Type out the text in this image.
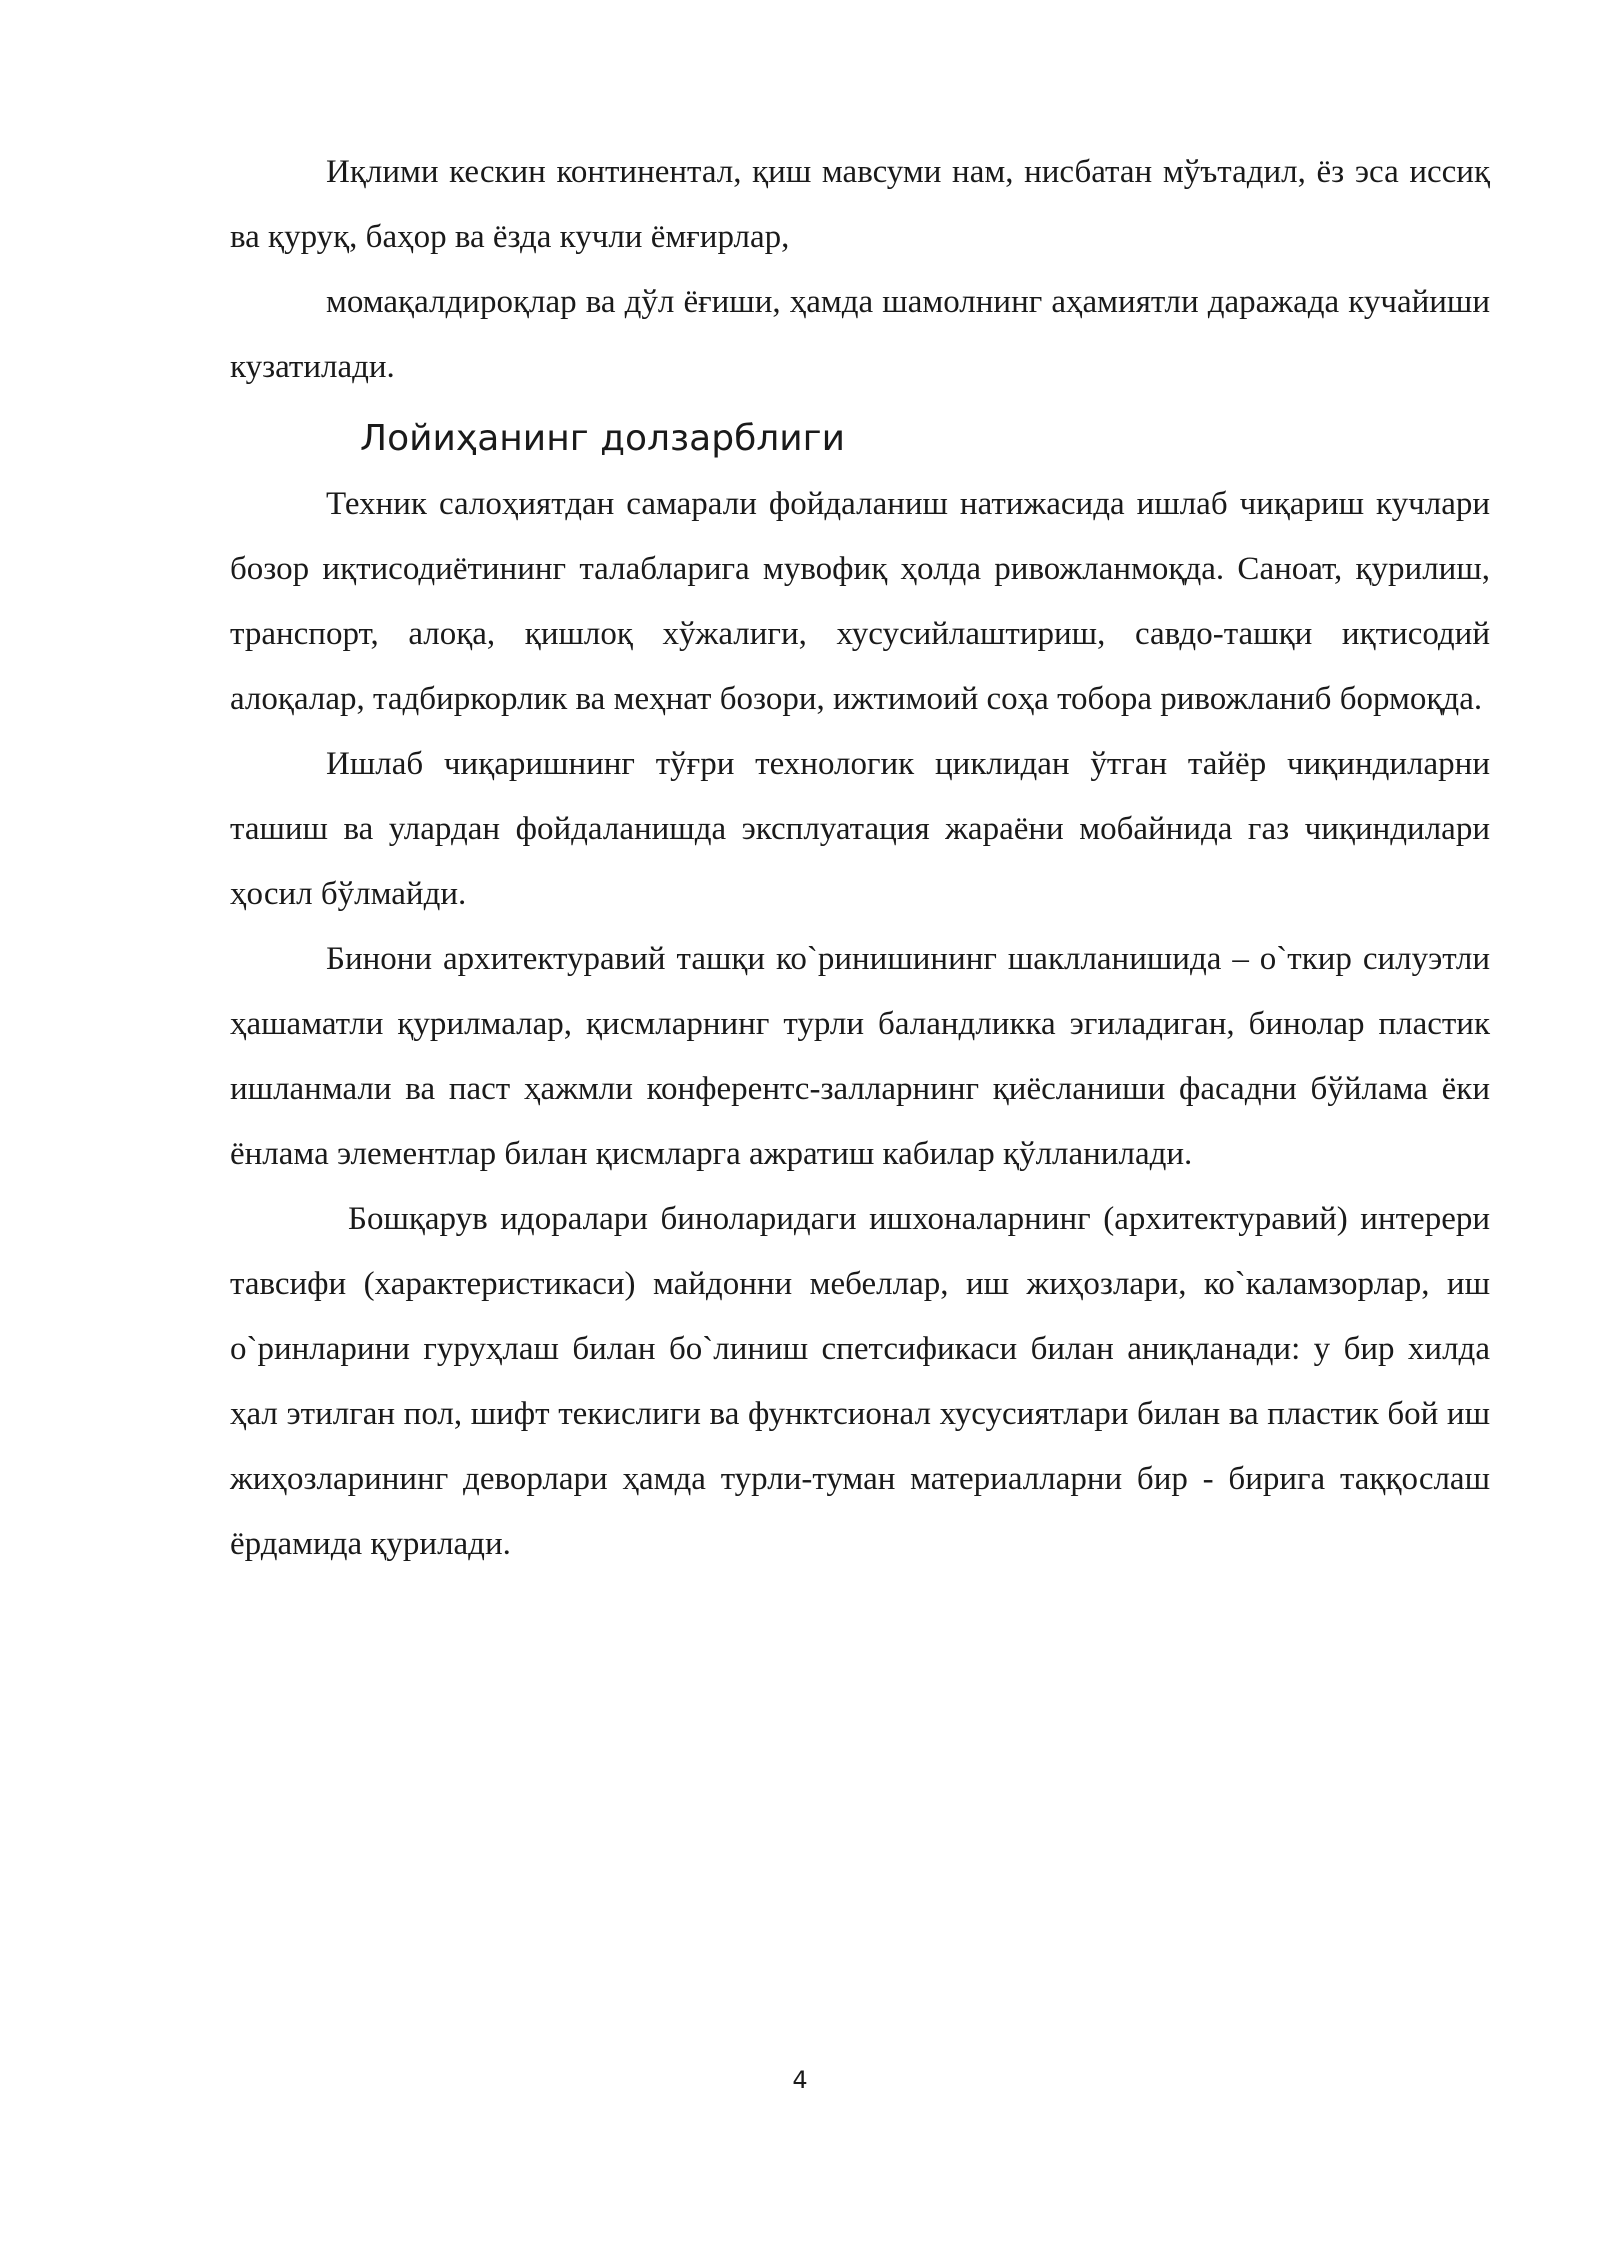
Иқлими кескин континентал, қиш мавсуми нам, нисбатан мўътадил, ёз эса иссиқ ва қуруқ, баҳор ва ёзда кучли ёмғирлар,

момақалдироқлар ва дўл ёғиши, ҳамда шамолнинг аҳамиятли даражада кучайиши кузатилади.

Лойиҳанинг долзарблиги

Техник салоҳиятдан самарали фойдаланиш натижасида ишлаб чиқариш кучлари бозор иқтисодиётининг талабларига мувофиқ ҳолда ривожланмоқда. Саноат, қурилиш, транспорт, алоқа, қишлоқ хўжалиги, хусусийлаштириш, савдо-ташқи иқтисодий алоқалар, тадбиркорлик ва меҳнат бозори, ижтимоий соҳа тобора ривожланиб бормоқда.

Ишлаб чиқаришнинг тўғри технологик циклидан ўтган тайёр чиқиндиларни ташиш ва улардан фойдаланишда эксплуатация жараёни мобайнида газ чиқиндилари ҳосил бўлмайди.

Бинони архитектуравий ташқи ко`ринишининг шаклланишида – о`ткир силуэтли ҳашаматли қурилмалар, қисмларнинг турли баландликка эгиладиган, бинолар пластик ишланмали ва паст ҳажмли конферентс-залларнинг қиёсланиши фасадни бўйлама ёки ёнлама элементлар билан қисмларга ажратиш кабилар қўлланилади.

Бошқарув идоралари биноларидаги ишхоналарнинг (архитектуравий) интерери тавсифи (характеристикаси) майдонни мебеллар, иш жиҳозлари, ко`каламзорлар, иш о`ринларини гуруҳлаш билан бо`линиш спетсификаси билан аниқланади: у бир хилда ҳал этилган пол, шифт текислиги ва функтсионал хусусиятлари билан ва пластик бой иш жиҳозларининг деворлари ҳамда турли-туман материалларни бир - бирига таққослаш ёрдамида қурилади.

4
